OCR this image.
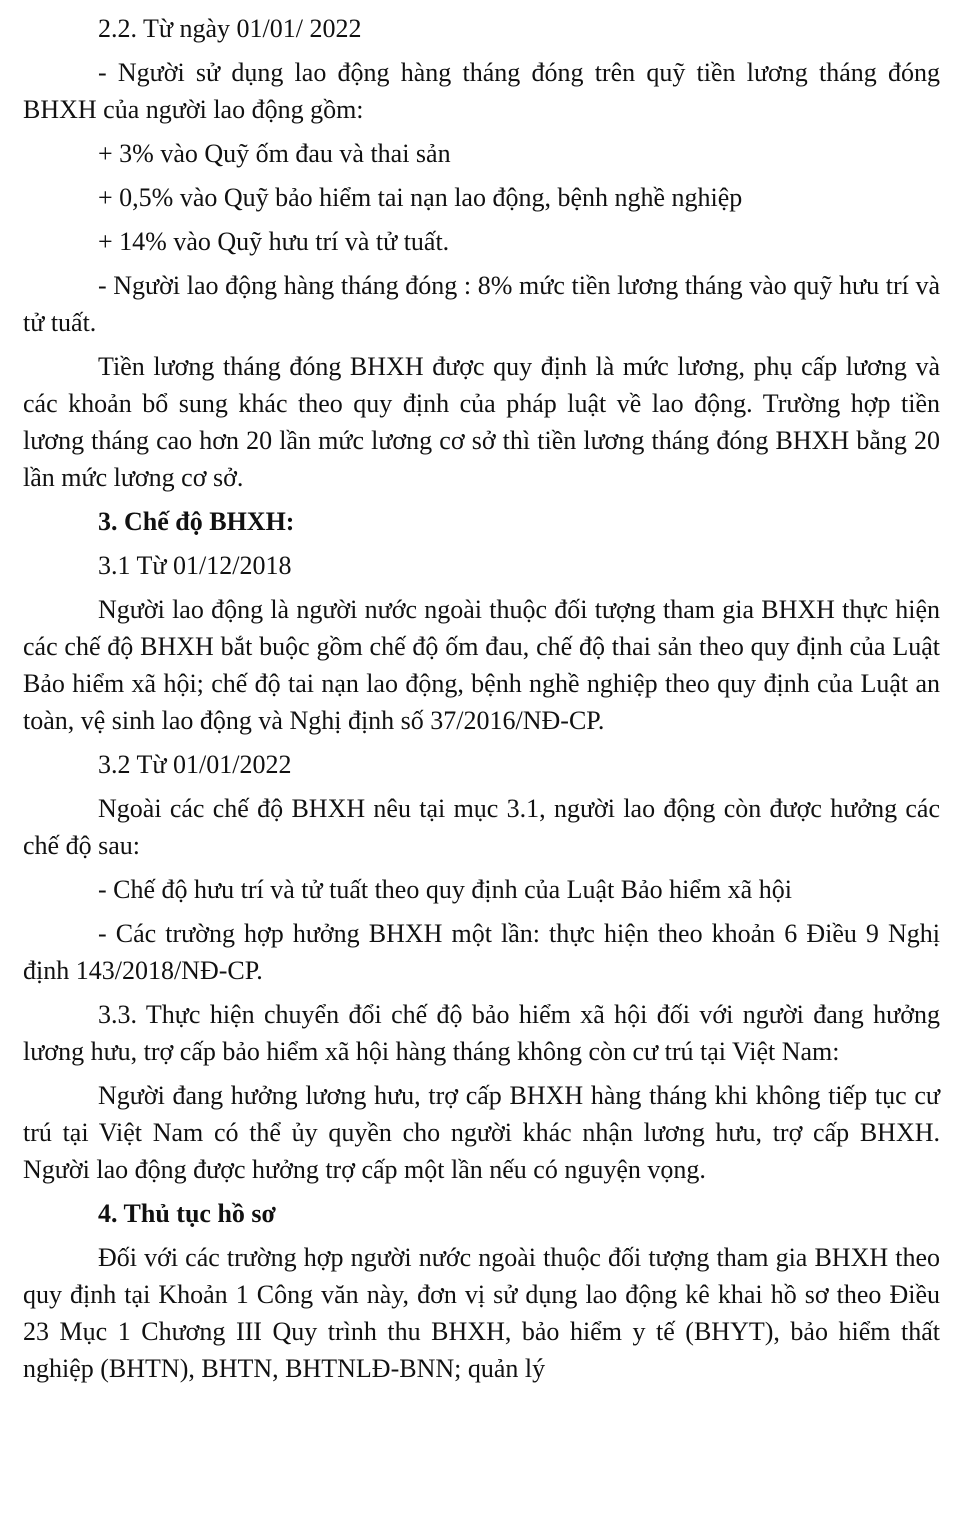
2.2. Từ ngày 01/01/ 2022

- Người sử dụng lao động hàng tháng đóng trên quỹ tiền lương tháng đóng BHXH của người lao động gồm:

+ 3% vào Quỹ ốm đau và thai sản

+ 0,5% vào Quỹ bảo hiểm tai nạn lao động, bệnh nghề nghiệp

+ 14% vào Quỹ hưu trí và tử tuất.

- Người lao động hàng tháng đóng : 8% mức tiền lương tháng vào quỹ hưu trí và tử tuất.

Tiền lương tháng đóng BHXH được quy định là mức lương, phụ cấp lương và các khoản bổ sung khác theo quy định của pháp luật về lao động. Trường hợp tiền lương tháng cao hơn 20 lần mức lương cơ sở thì tiền lương tháng đóng BHXH bằng 20 lần mức lương cơ sở.

3. Chế độ BHXH:

3.1 Từ 01/12/2018

Người lao động là người nước ngoài thuộc đối tượng tham gia BHXH thực hiện các chế độ BHXH bắt buộc gồm chế độ ốm đau, chế độ thai sản theo quy định của Luật Bảo hiểm xã hội; chế độ tai nạn lao động, bệnh nghề nghiệp theo quy định của Luật an toàn, vệ sinh lao động và Nghị định số 37/2016/NĐ-CP.

3.2 Từ 01/01/2022

Ngoài các chế độ BHXH nêu tại mục 3.1, người lao động còn được hưởng các chế độ sau:

- Chế độ hưu trí và tử tuất theo quy định của Luật Bảo hiểm xã hội

- Các trường hợp hưởng BHXH một lần: thực hiện theo khoản 6 Điều 9 Nghị định 143/2018/NĐ-CP.

3.3. Thực hiện chuyển đổi chế độ bảo hiểm xã hội đối với người đang hưởng lương hưu, trợ cấp bảo hiểm xã hội hàng tháng không còn cư trú tại Việt Nam:

Người đang hưởng lương hưu, trợ cấp BHXH hàng tháng khi không tiếp tục cư trú tại Việt Nam có thể ủy quyền cho người khác nhận lương hưu, trợ cấp BHXH. Người lao động được hưởng trợ cấp một lần nếu có nguyện vọng.

4. Thủ tục hồ sơ

Đối với các trường hợp người nước ngoài thuộc đối tượng tham gia BHXH theo quy định tại Khoản 1 Công văn này, đơn vị sử dụng lao động kê khai hồ sơ theo Điều 23 Mục 1 Chương III Quy trình thu BHXH, bảo hiểm y tế (BHYT), bảo hiểm thất nghiệp (BHTN), BHTN, BHTNLĐ-BNN; quản lý
